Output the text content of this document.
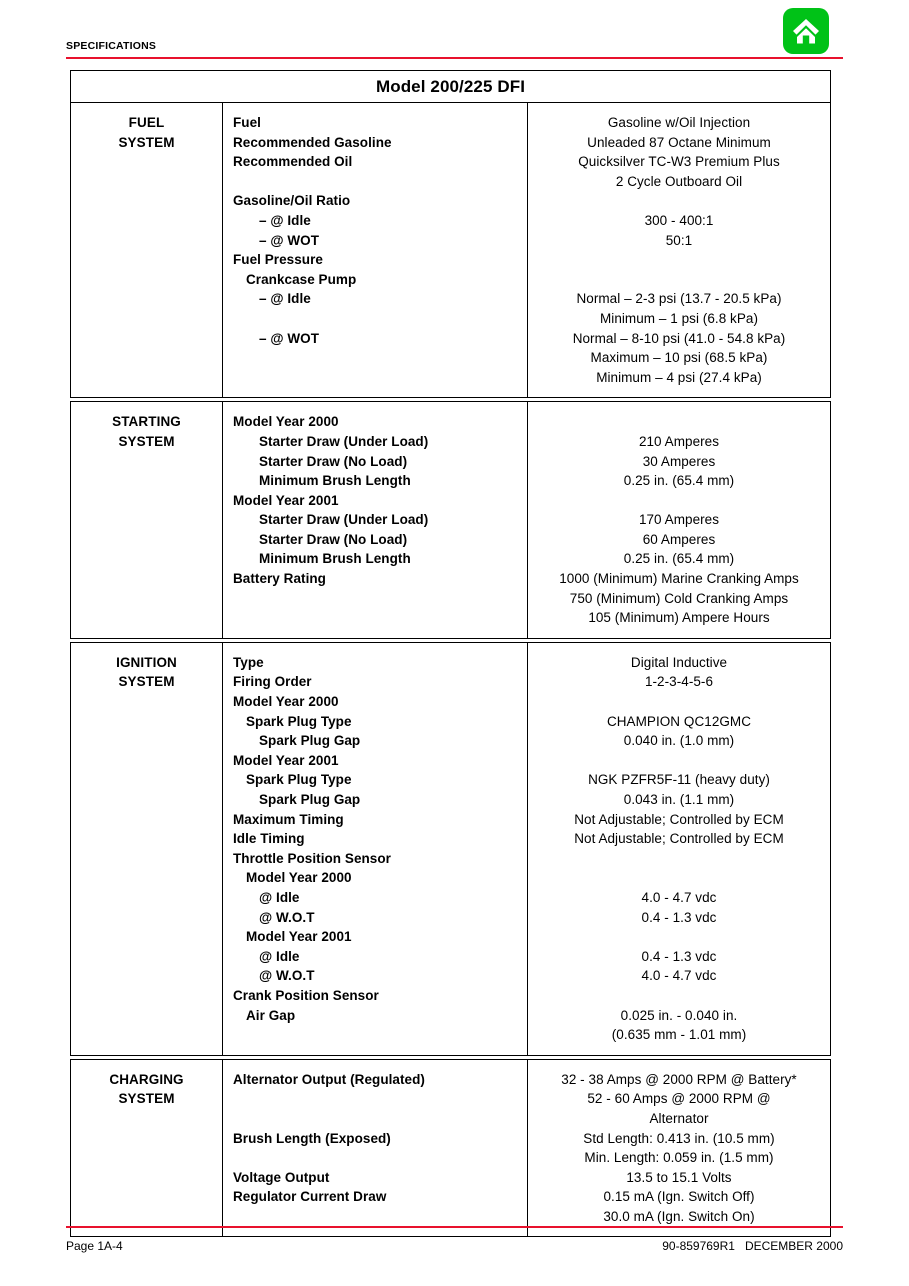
SPECIFICATIONS
Model 200/225 DFI
FUEL
SYSTEM
Fuel
Recommended Gasoline
Recommended Oil
Gasoline/Oil Ratio
– @ Idle
– @ WOT
Fuel Pressure
Crankcase Pump
– @ Idle
– @ WOT
Gasoline w/Oil Injection
Unleaded 87 Octane Minimum
Quicksilver TC-W3 Premium Plus
2 Cycle Outboard Oil
300 - 400:1
50:1
Normal – 2-3 psi (13.7 - 20.5 kPa)
Minimum – 1 psi (6.8 kPa)
Normal – 8-10 psi (41.0 - 54.8 kPa)
Maximum – 10 psi (68.5 kPa)
Minimum – 4 psi (27.4 kPa)
STARTING
SYSTEM
Model Year 2000
Starter Draw (Under Load)
Starter Draw (No Load)
Minimum Brush Length
Model Year 2001
Starter Draw (Under Load)
Starter Draw (No Load)
Minimum Brush Length
Battery Rating
210 Amperes
30 Amperes
0.25 in. (65.4 mm)
170 Amperes
60 Amperes
0.25 in. (65.4 mm)
1000 (Minimum) Marine Cranking Amps
750 (Minimum) Cold Cranking Amps
105 (Minimum) Ampere Hours
IGNITION
SYSTEM
Type
Firing Order
Model Year 2000
Spark Plug Type
Spark Plug Gap
Model Year 2001
Spark Plug Type
Spark Plug Gap
Maximum Timing
Idle Timing
Throttle Position Sensor
Model Year 2000
@ Idle
@ W.O.T
Model Year 2001
@ Idle
@ W.O.T
Crank Position Sensor
Air Gap
Digital Inductive
1-2-3-4-5-6
CHAMPION QC12GMC
0.040 in. (1.0 mm)
NGK PZFR5F-11 (heavy duty)
0.043 in. (1.1 mm)
Not Adjustable; Controlled by ECM
Not Adjustable; Controlled by ECM
4.0 - 4.7 vdc
0.4 - 1.3 vdc
0.4 - 1.3 vdc
4.0 - 4.7 vdc
0.025 in. - 0.040 in.
(0.635 mm - 1.01 mm)
CHARGING
SYSTEM
Alternator Output (Regulated)
Brush Length (Exposed)
Voltage Output
Regulator Current Draw
32 - 38 Amps @ 2000 RPM @ Battery*
52 - 60 Amps @ 2000 RPM @
Alternator
Std Length: 0.413 in. (10.5 mm)
Min. Length: 0.059 in. (1.5 mm)
13.5 to 15.1 Volts
0.15 mA (Ign. Switch Off)
30.0 mA (Ign. Switch On)
Page 1A-4	90-859769R1 DECEMBER 2000
